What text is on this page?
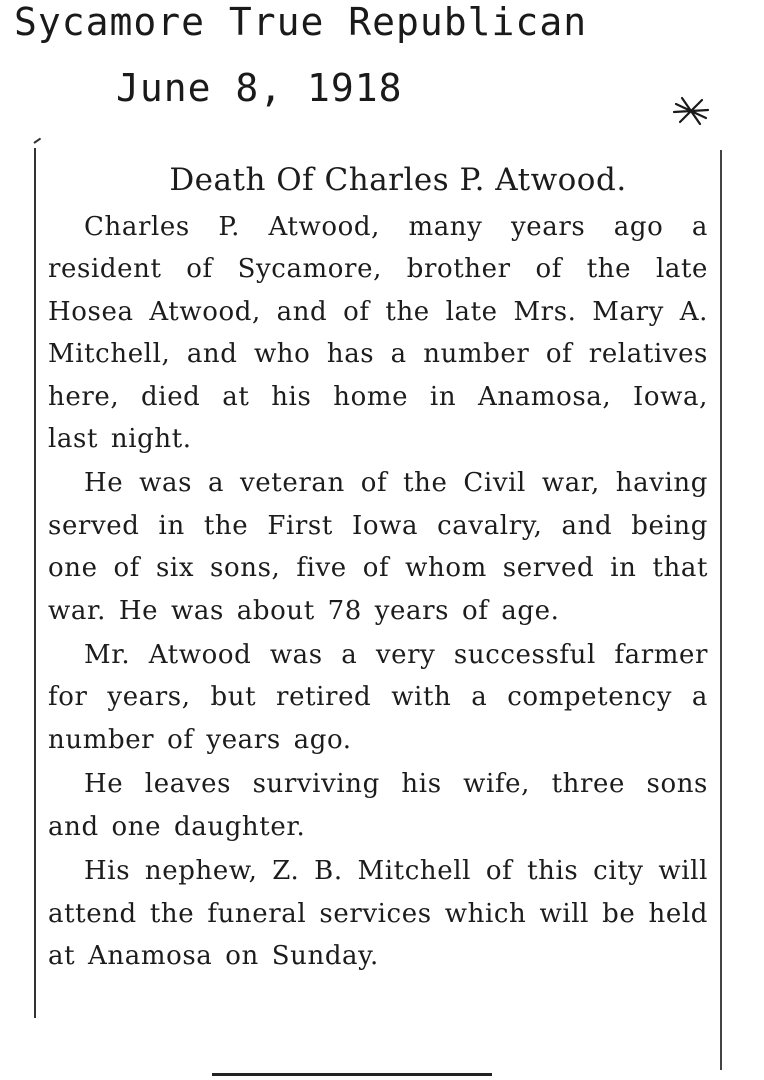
Sycamore True Republican
June 8, 1918
Death Of Charles P. Atwood.

Charles P. Atwood, many years ago a resident of Sycamore, brother of the late Hosea Atwood, and of the late Mrs. Mary A. Mitchell, and who has a number of relatives here, died at his home in Anamosa, Iowa, last night.

He was a veteran of the Civil war, having served in the First Iowa cavalry, and being one of six sons, five of whom served in that war. He was about 78 years of age.

Mr. Atwood was a very successful farmer for years, but retired with a competency a number of years ago.

He leaves surviving his wife, three sons and one daughter.

His nephew, Z. B. Mitchell of this city will attend the funeral services which will be held at Anamosa on Sunday.
